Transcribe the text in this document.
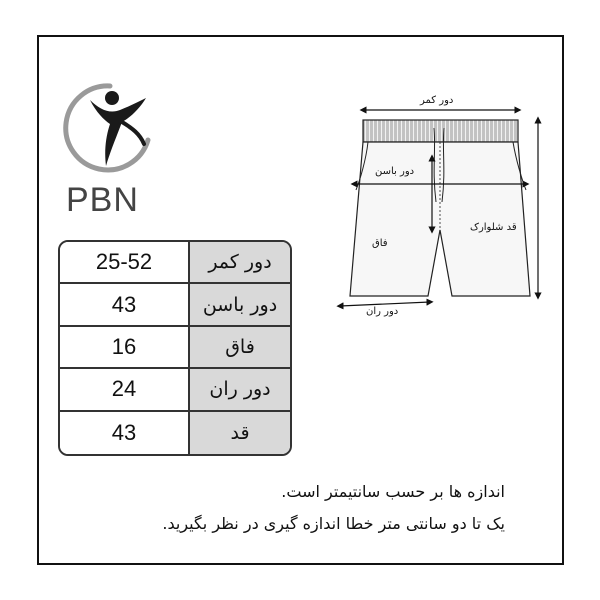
PBN
25-52	دور کمر
43	دور باسن
16	فاق
24	دور ران
43	قد
دور کمر
دور باسن
فاق
قد شلوارک
دور ران
اندازه ها بر حسب سانتیمتر است.
یک تا دو سانتی متر خطا اندازه گیری در نظر بگیرید.
